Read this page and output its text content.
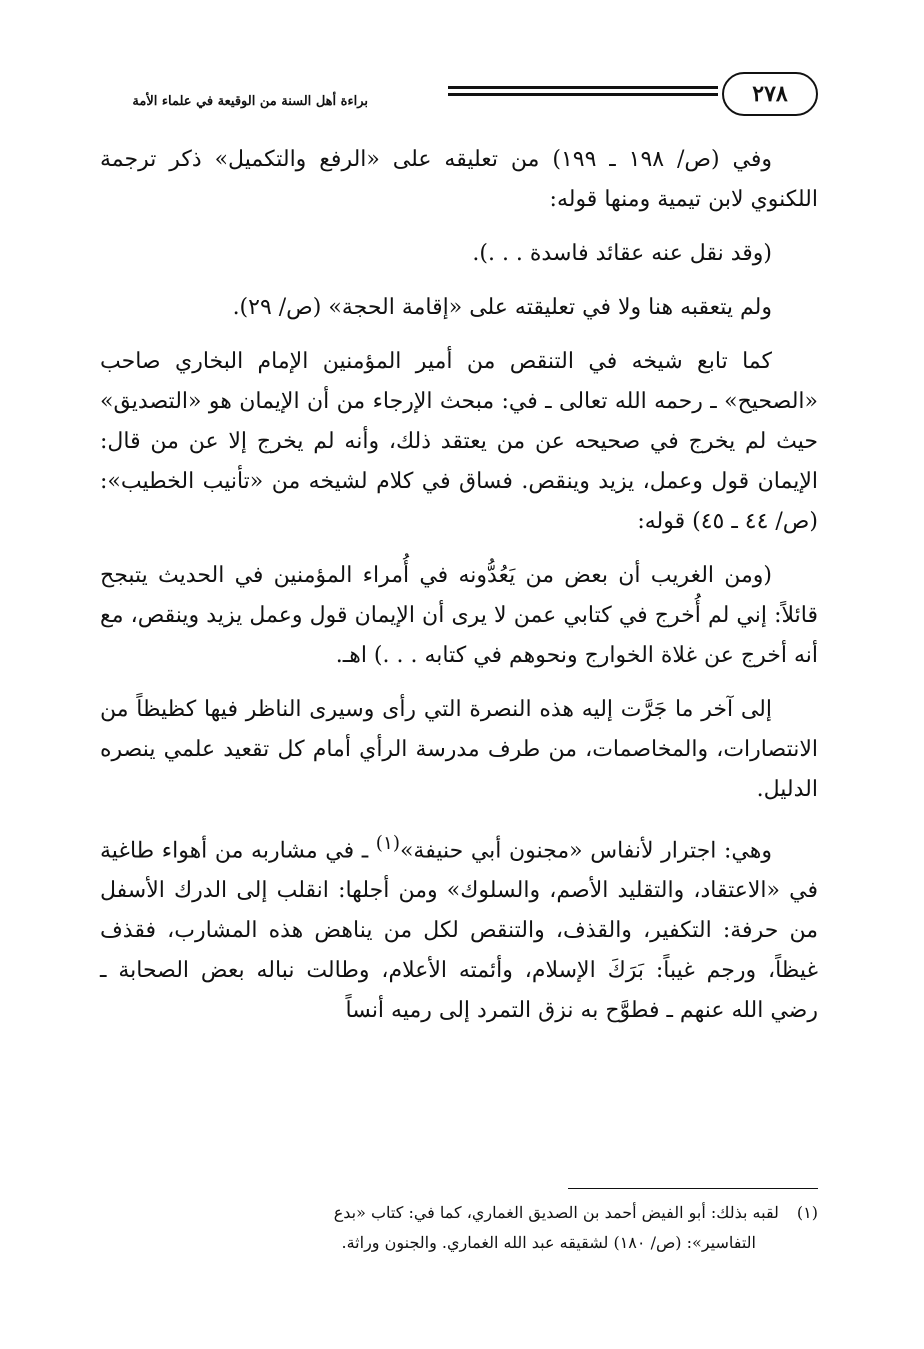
٢٧٨
براءة أهل السنة من الوقيعة في علماء الأمة

وفي (ص/ ١٩٨ ـ ١٩٩) من تعليقه على «الرفع والتكميل» ذكر ترجمة اللكنوي لابن تيمية ومنها قوله:

(وقد نقل عنه عقائد فاسدة . . .).

ولم يتعقبه هنا ولا في تعليقته على «إقامة الحجة» (ص/ ٢٩).

كما تابع شيخه في التنقص من أمير المؤمنين الإمام البخاري صاحب «الصحيح» ـ رحمه الله تعالى ـ في: مبحث الإرجاء من أن الإيمان هو «التصديق» حيث لم يخرج في صحيحه عن من يعتقد ذلك، وأنه لم يخرج إلا عن من قال: الإيمان قول وعمل، يزيد وينقص. فساق في كلام لشيخه من «تأنيب الخطيب»: (ص/ ٤٤ ـ ٤٥) قوله:

(ومن الغريب أن بعض من يَعُدُّونه في أُمراء المؤمنين في الحديث يتبجح قائلاً: إني لم أُخرج في كتابي عمن لا يرى أن الإيمان قول وعمل يزيد وينقص، مع أنه أخرج عن غلاة الخوارج ونحوهم في كتابه . . .) اهـ.

إلى آخر ما جَرَّت إليه هذه النصرة التي رأى وسيرى الناظر فيها كظيظاً من الانتصارات، والمخاصمات، من طرف مدرسة الرأي أمام كل تقعيد علمي ينصره الدليل.

وهي: اجترار لأنفاس «مجنون أبي حنيفة»$^{(١)}$ ـ في مشاربه من أهواء طاغية في «الاعتقاد، والتقليد الأصم، والسلوك» ومن أجلها: انقلب إلى الدرك الأسفل من حرفة: التكفير، والقذف، والتنقص لكل من يناهض هذه المشارب، فقذف غيظاً، ورجم غيباً: بَرَكَ الإسلام، وأئمته الأعلام، وطالت نباله بعض الصحابة ـ رضي الله عنهم ـ فطوَّح به نزق التمرد إلى رميه أنساً

(١)لقبه بذلك: أبو الفيض أحمد بن الصديق الغماري، كما في: كتاب «بدع
التفاسير»: (ص/ ١٨٠) لشقيقه عبد الله الغماري. والجنون وراثة.
